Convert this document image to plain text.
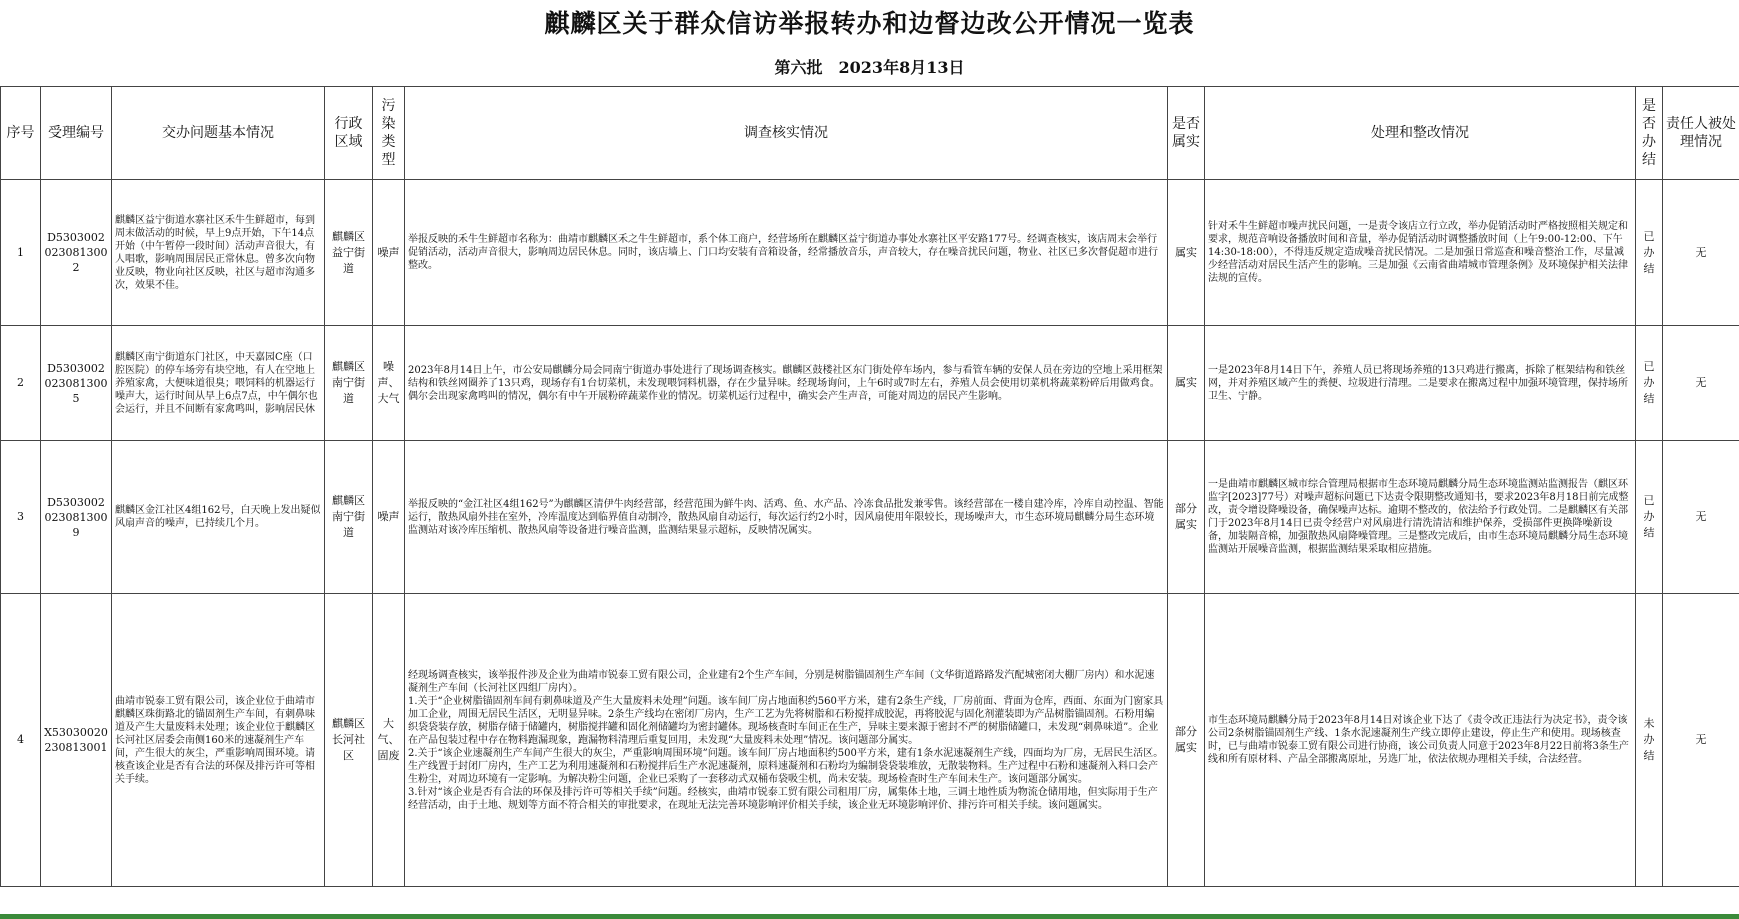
麒麟区关于群众信访举报转办和边督边改公开情况一览表
第六批 2023年8月13日
序号	受理编号	交办问题基本情况	行政区域	污染类型	调查核实情况	是否属实	处理和整改情况	是否办结	责任人被处理情况
1	D53030020230813002	麒麟区益宁街道水寨社区禾牛生鲜超市，每到周末做活动的时候，早上9点开始，下午14点开始（中午暂停一段时间）活动声音很大，有人唱歌，影响周围居民正常休息。曾多次向物业反映，物业向社区反映，社区与超市沟通多次，效果不佳。	麒麟区益宁街道	噪声	举报反映的禾牛生鲜超市名称为：曲靖市麒麟区禾之牛生鲜超市，系个体工商户，经营场所在麒麟区益宁街道办事处水寨社区平安路177号。经调查核实，该店周末会举行促销活动，活动声音很大，影响周边居民休息。同时，该店墙上、门口均安装有音箱设备，经常播放音乐，声音较大，存在噪音扰民问题，物业、社区已多次督促超市进行整改。	属实	针对禾牛生鲜超市噪声扰民问题，一是责令该店立行立改，举办促销活动时严格按照相关规定和要求，规范音响设备播放时间和音量，举办促销活动时调整播放时间（上午9:00-12:00、下午14:30-18:00），不得违反规定造成噪音扰民情况。二是加强日常巡查和噪音整治工作，尽量减少经营活动对居民生活产生的影响。三是加强《云南省曲靖城市管理条例》及环境保护相关法律法规的宣传。	已办结	无
2	D53030020230813005	麒麟区南宁街道东门社区，中天嘉园C座（口腔医院）的停车场旁有块空地，有人在空地上养殖家禽，大便味道很臭；喂饲料的机器运行噪声大，运行时间从早上6点7点，中午偶尔也会运行，并且不间断有家禽鸣叫，影响居民休	麒麟区南宁街道	噪声、大气	2023年8月14日上午，市公安局麒麟分局会同南宁街道办事处进行了现场调查核实。麒麟区鼓楼社区东门街处停车场内，参与看管车辆的安保人员在旁边的空地上采用框架结构和铁丝网圈养了13只鸡，现场存有1台切菜机，未发现喂饲料机器，存在少量异味。经现场询问，上午6时或7时左右，养殖人员会使用切菜机将蔬菜粉碎后用做鸡食。偶尔会出现家禽鸣叫的情况，偶尔有中午开展粉碎蔬菜作业的情况。切菜机运行过程中，确实会产生声音，可能对周边的居民产生影响。	属实	一是2023年8月14日下午，养殖人员已将现场养殖的13只鸡进行搬离，拆除了框架结构和铁丝网，并对养殖区域产生的粪便、垃圾进行清理。二是要求在搬离过程中加强环境管理，保持场所卫生、宁静。	已办结	无
3	D53030020230813009	麒麟区金江社区4组162号，白天晚上发出疑似风扇声音的噪声，已持续几个月。	麒麟区南宁街道	噪声	举报反映的“金江社区4组162号”为麒麟区清伊牛肉经营部，经营范围为鲜牛肉、活鸡、鱼、水产品、冷冻食品批发兼零售。该经营部在一楼自建冷库，冷库自动控温、智能运行，散热风扇外挂在室外，冷库温度达到临界值自动制冷，散热风扇自动运行，每次运行约2小时，因风扇使用年限较长，现场噪声大，市生态环境局麒麟分局生态环境监测站对该冷库压缩机、散热风扇等设备进行噪音监测，监测结果显示超标，反映情况属实。	部分属实	一是曲靖市麒麟区城市综合管理局根据市生态环境局麒麟分局生态环境监测站监测报告（麒区环监字[2023]77号）对噪声超标问题已下达责令限期整改通知书，要求2023年8月18日前完成整改，责令增设降噪设备，确保噪声达标。逾期不整改的，依法给予行政处罚。二是麒麟区有关部门于2023年8月14日已责令经营户对风扇进行清洗清洁和维护保养，受损部件更换降噪新设备，加装隔音棉，加强散热风扇降噪管理。三是整改完成后，由市生态环境局麒麟分局生态环境监测站开展噪音监测，根据监测结果采取相应措施。	已办结	无
4	X53030020230813001	曲靖市锐泰工贸有限公司，该企业位于曲靖市麒麟区珠街路北的锚固剂生产车间，有刺鼻味道及产生大量废料未处理；该企业位于麒麟区长河社区居委会南侧160米的速凝剂生产车间，产生很大的灰尘，严重影响周围环境。请核查该企业是否有合法的环保及排污许可等相关手续。	麒麟区长河社区	大气、固废	经现场调查核实，该举报件涉及企业为曲靖市锐泰工贸有限公司，企业建有2个生产车间，分别是树脂锚固剂生产车间（文华街道路路发汽配城密闭大棚厂房内）和水泥速凝剂生产车间（长河社区四组厂房内）。

1.关于“企业树脂锚固剂车间有刺鼻味道及产生大量废料未处理”问题。该车间厂房占地面积约560平方米，建有2条生产线，厂房前面、背面为仓库，西面、东面为门窗家具加工企业，周围无居民生活区，无明显异味。2条生产线均在密闭厂房内，生产工艺为先将树脂和石粉搅拌成胶泥，再将胶泥与固化剂灌装即为产品树脂锚固剂。石粉用编织袋袋装存放，树脂存储于储罐内，树脂搅拌罐和固化剂储罐均为密封罐体。现场核查时车间正在生产，异味主要来源于密封不严的树脂储罐口，未发现“刺鼻味道”。企业在产品包装过程中存在物料跑漏现象，跑漏物料清理后重复回用，未发现“大量废料未处理”情况。该问题部分属实。

2.关于“该企业速凝剂生产车间产生很大的灰尘，严重影响周围环境”问题。该车间厂房占地面积约500平方米，建有1条水泥速凝剂生产线，四面均为厂房，无居民生活区。生产线置于封闭厂房内，生产工艺为利用速凝剂和石粉搅拌后生产水泥速凝剂，原料速凝剂和石粉均为编制袋袋装堆放，无散装物料。生产过程中石粉和速凝剂入料口会产生粉尘，对周边环境有一定影响。为解决粉尘问题，企业已采购了一套移动式双桶布袋吸尘机，尚未安装。现场检查时生产车间未生产。该问题部分属实。

3.针对“该企业是否有合法的环保及排污许可等相关手续”问题。经核实，曲靖市锐泰工贸有限公司租用厂房，属集体土地，三调土地性质为物流仓储用地，但实际用于生产经营活动，由于土地、规划等方面不符合相关的审批要求，在现址无法完善环境影响评价相关手续，该企业无环境影响评价、排污许可相关手续。该问题属实。	部分属实	市生态环境局麒麟分局于2023年8月14日对该企业下达了《责令改正违法行为决定书》，责令该公司2条树脂锚固剂生产线、1条水泥速凝剂生产线立即停止建设，停止生产和使用。现场核查时，已与曲靖市锐泰工贸有限公司进行协商，该公司负责人同意于2023年8月22日前将3条生产线和所有原材料、产品全部搬离原址，另选厂址，依法依规办理相关手续，合法经营。	未办结	无
